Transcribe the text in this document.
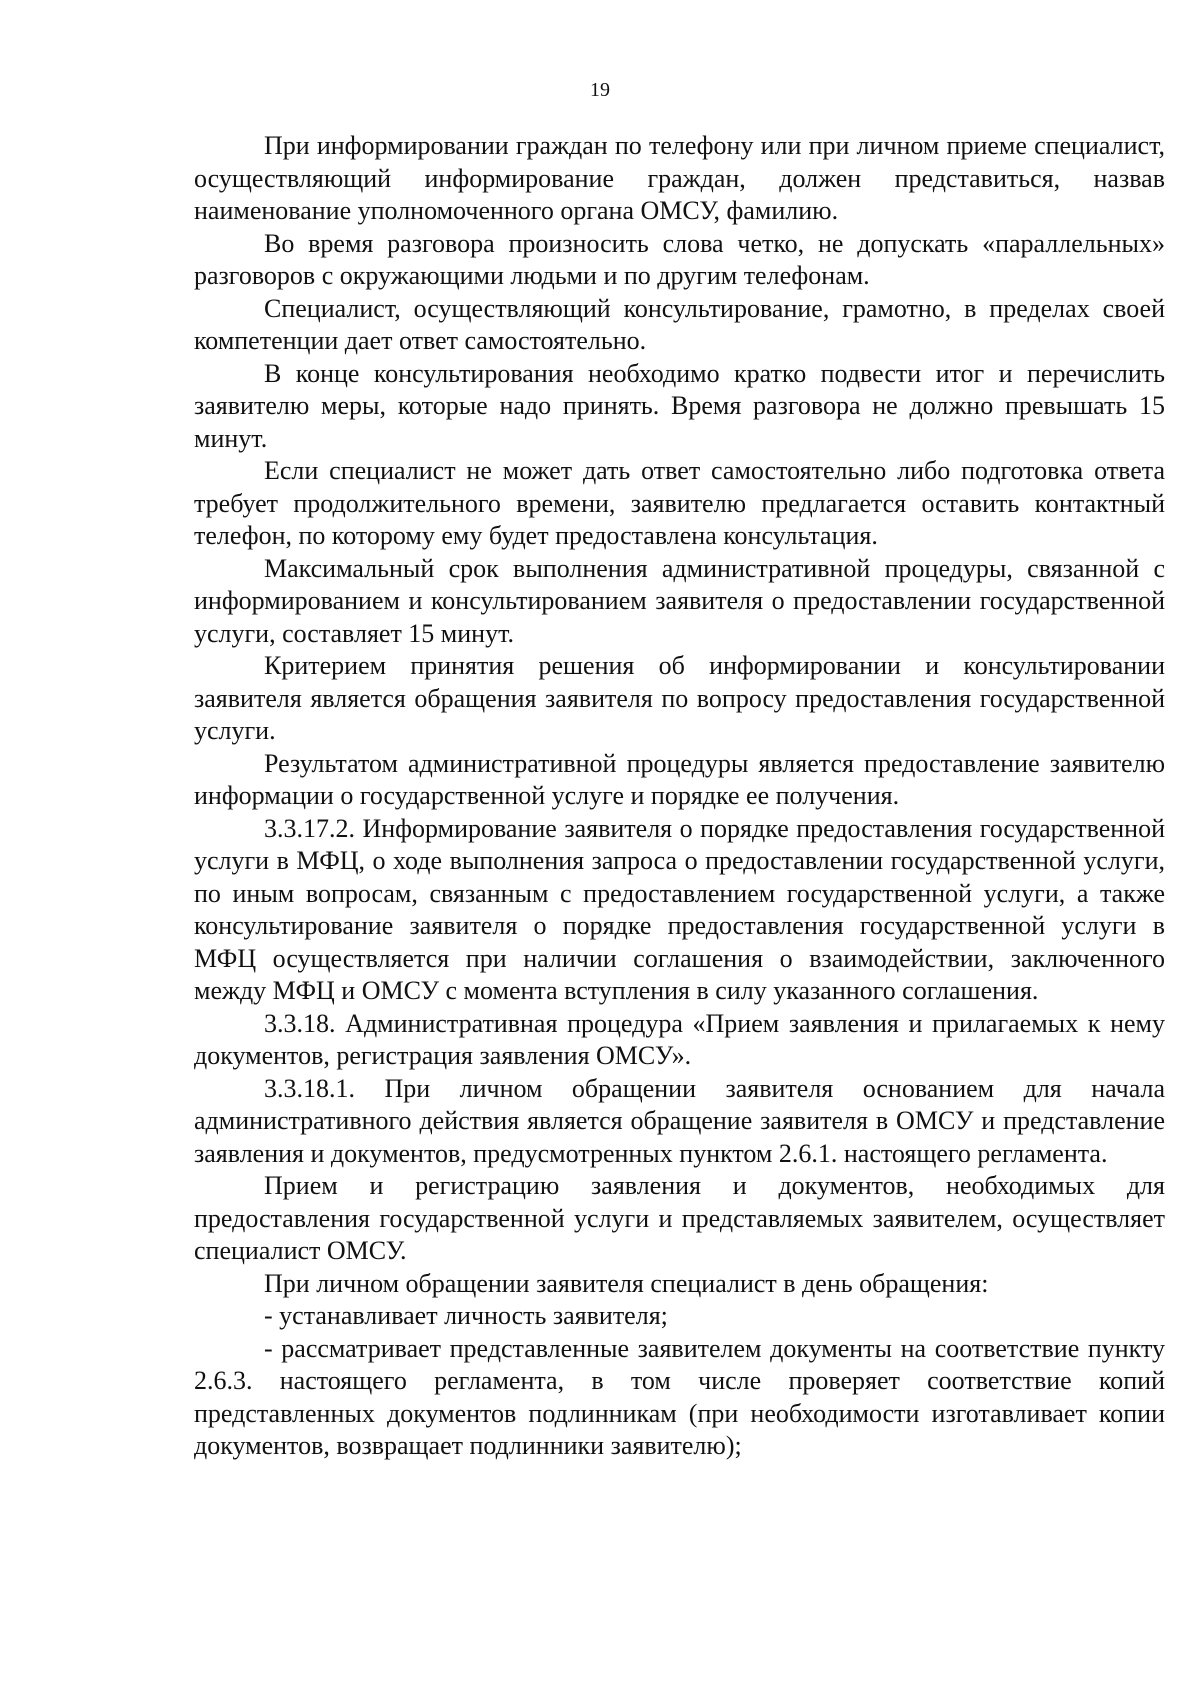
19

При информировании граждан по телефону или при личном приеме специалист, осуществляющий информирование граждан, должен представиться, назвав наименование уполномоченного органа ОМСУ, фамилию.

Во время разговора произносить слова четко, не допускать «параллельных» разговоров с окружающими людьми и по другим телефонам.

Специалист, осуществляющий консультирование, грамотно, в пределах своей компетенции дает ответ самостоятельно.

В конце консультирования необходимо кратко подвести итог и перечислить заявителю меры, которые надо принять. Время разговора не должно превышать 15 минут.

Если специалист не может дать ответ самостоятельно либо подготовка ответа требует продолжительного времени, заявителю предлагается оставить контактный телефон, по которому ему будет предоставлена консультация.

Максимальный срок выполнения административной процедуры, связанной с информированием и консультированием заявителя о предоставлении государственной услуги, составляет 15 минут.

Критерием принятия решения об информировании и консультировании заявителя является обращения заявителя по вопросу предоставления государственной услуги.

Результатом административной процедуры является предоставление заявителю информации о государственной услуге и порядке ее получения.

3.3.17.2. Информирование заявителя о порядке предоставления государственной услуги в МФЦ, о ходе выполнения запроса о предоставлении государственной услуги, по иным вопросам, связанным с предоставлением государственной услуги, а также консультирование заявителя о порядке предоставления государственной услуги в МФЦ осуществляется при наличии соглашения о взаимодействии, заключенного между МФЦ и ОМСУ с момента вступления в силу указанного соглашения.

3.3.18. Административная процедура «Прием заявления и прилагаемых к нему документов, регистрация заявления ОМСУ».

3.3.18.1. При личном обращении заявителя основанием для начала административного действия является обращение заявителя в ОМСУ и представление заявления и документов, предусмотренных пунктом 2.6.1. настоящего регламента.

Прием и регистрацию заявления и документов, необходимых для предоставления государственной услуги и представляемых заявителем, осуществляет специалист ОМСУ.

При личном обращении заявителя специалист в день обращения:

- устанавливает личность заявителя;

- рассматривает представленные заявителем документы на соответствие пункту 2.6.3. настоящего регламента, в том числе проверяет соответствие копий представленных документов подлинникам (при необходимости изготавливает копии документов, возвращает подлинники заявителю);
